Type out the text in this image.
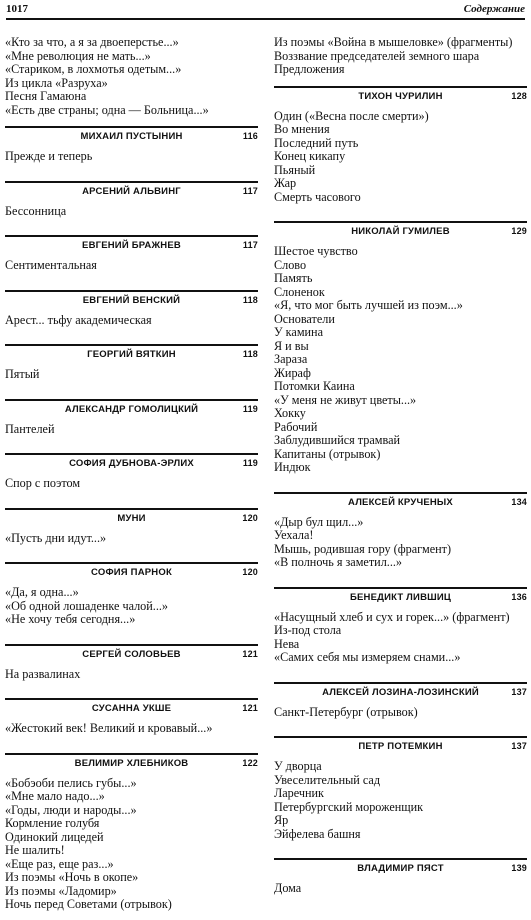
1017	Содержание
«Кто за что, а я за двоеперстье...»
«Мне революция не мать...»
«Стариком, в лохмотья одетым...»
Из цикла «Разруха»
Песня Гамаюна
«Есть две страны; одна — Больница...»
МИХАИЛ ПУСТЫНИН	116
Прежде и теперь
АРСЕНИЙ АЛЬВИНГ	117
Бессонница
ЕВГЕНИЙ БРАЖНЕВ	117
Сентиментальная
ЕВГЕНИЙ ВЕНСКИЙ	118
Арест... тьфу академическая
ГЕОРГИЙ ВЯТКИН	118
Пятый
АЛЕКСАНДР ГОМОЛИЦКИЙ	119
Пантелей
СОФИЯ ДУБНОВА-ЭРЛИХ	119
Спор с поэтом
МУНИ	120
«Пусть дни идут...»
СОФИЯ ПАРНОК	120
«Да, я одна...»
«Об одной лошаденке чалой...»
«Не хочу тебя сегодня...»
СЕРГЕЙ СОЛОВЬЕВ	121
На развалинах
СУСАННА УКШЕ	121
«Жестокий век! Великий и кровавый...»
ВЕЛИМИР ХЛЕБНИКОВ	122
«Бобэоби пелись губы...»
«Мне мало надо...»
«Годы, люди и народы...»
Кормление голубя
Одинокий лицедей
Не шалить!
«Еще раз, еще раз...»
Из поэмы «Ночь в окопе»
Из поэмы «Ладомир»
Ночь перед Советами (отрывок)
Из поэмы «Война в мышеловке» (фрагменты)
Воззвание председателей земного шара
Предложения
ТИХОН ЧУРИЛИН	128
Один («Весна после смерти»)
Во мнения
Последний путь
Конец кикапу
Пьяный
Жар
Смерть часового
НИКОЛАЙ ГУМИЛЕВ	129
Шестое чувство
Слово
Память
Слоненок
«Я, что мог быть лучшей из поэм...»
Основатели
У камина
Я и вы
Зараза
Жираф
Потомки Каина
«У меня не живут цветы...»
Хокку
Рабочий
Заблудившийся трамвай
Капитаны (отрывок)
Индюк
АЛЕКСЕЙ КРУЧЕНЫХ	134
«Дыр бул щил...»
Уехала!
Мышь, родившая гору (фрагмент)
«В полночь я заметил...»
БЕНЕДИКТ ЛИВШИЦ	136
«Насущный хлеб и сух и горек...» (фрагмент)
Из-под стола
Нева
«Самих себя мы измеряем снами...»
АЛЕКСЕЙ ЛОЗИНА-ЛОЗИНСКИЙ	137
Санкт-Петербург (отрывок)
ПЕТР ПОТЕМКИН	137
У дворца
Увеселительный сад
Ларечник
Петербургский мороженщик
Яр
Эйфелева башня
ВЛАДИМИР ПЯСТ	139
Дома
